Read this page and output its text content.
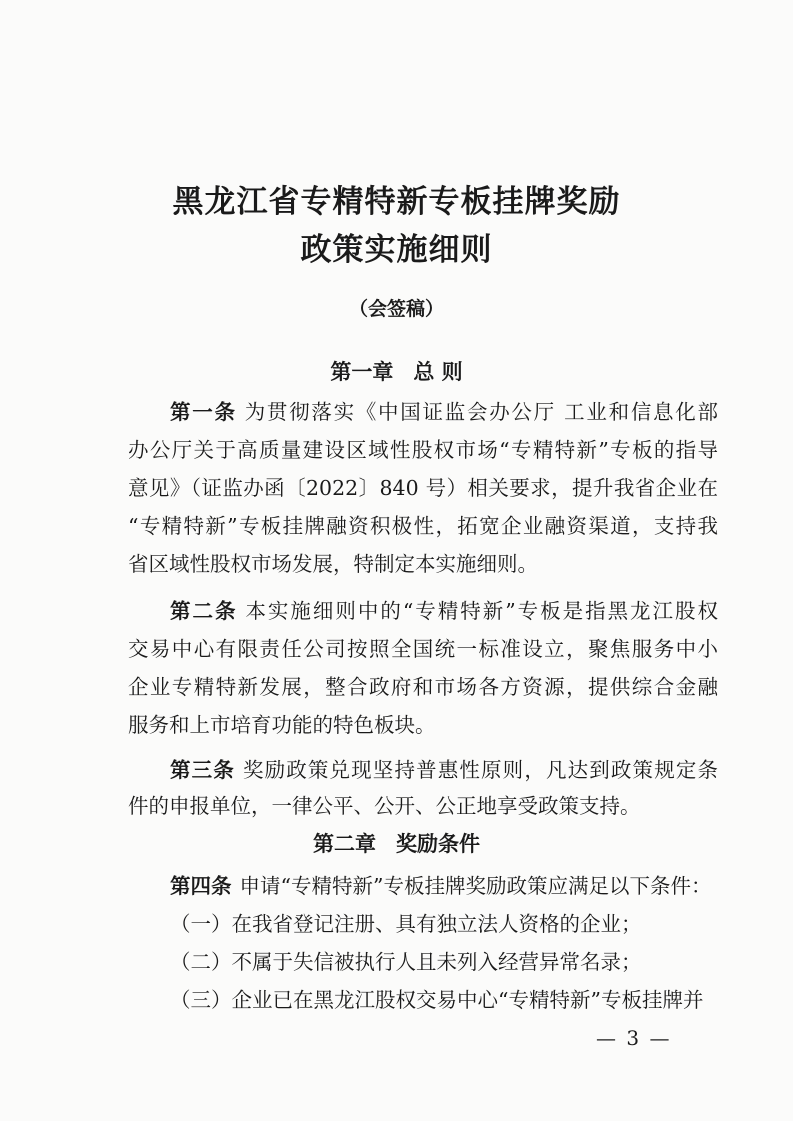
黑龙江省专精特新专板挂牌奖励
政策实施细则
（会签稿）
第一章 总 则
第一条 为贯彻落实《中国证监会办公厅 工业和信息化部
办公厅关于高质量建设区域性股权市场“专精特新”专板的指导
意见》（证监办函〔2022〕840 号）相关要求，提升我省企业在
“专精特新”专板挂牌融资积极性，拓宽企业融资渠道，支持我
省区域性股权市场发展，特制定本实施细则。
第二条 本实施细则中的“专精特新”专板是指黑龙江股权
交易中心有限责任公司按照全国统一标准设立，聚焦服务中小
企业专精特新发展，整合政府和市场各方资源，提供综合金融
服务和上市培育功能的特色板块。
第三条 奖励政策兑现坚持普惠性原则，凡达到政策规定条
件的申报单位，一律公平、公开、公正地享受政策支持。
第二章 奖励条件
第四条 申请“专精特新”专板挂牌奖励政策应满足以下条件：
（一）在我省登记注册、具有独立法人资格的企业；
（二）不属于失信被执行人且未列入经营异常名录；
（三）企业已在黑龙江股权交易中心“专精特新”专板挂牌并
— 3 —
